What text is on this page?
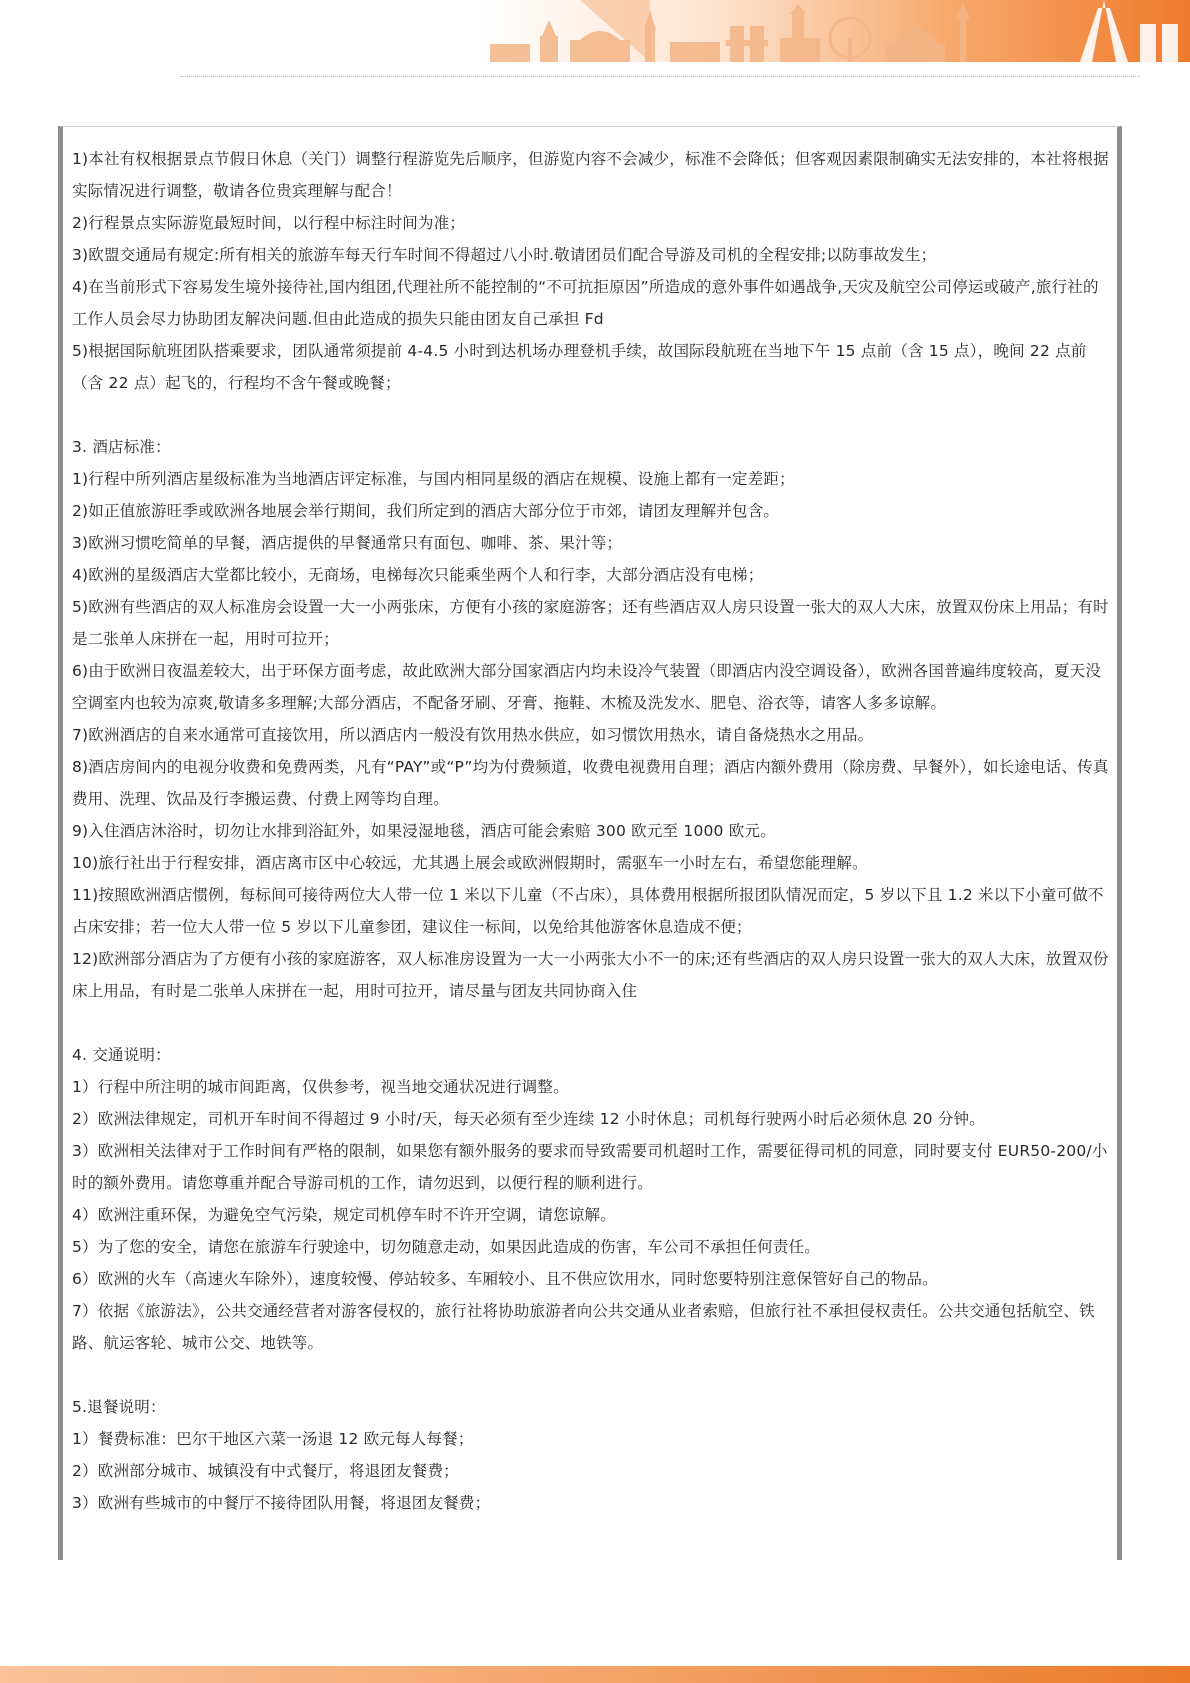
1)本社有权根据景点节假日休息（关门）调整行程游览先后顺序，但游览内容不会减少，标准不会降低；但客观因素限制确实无法安排的，本社将根据实际情况进行调整，敬请各位贵宾理解与配合！

2)行程景点实际游览最短时间，以行程中标注时间为准；

3)欧盟交通局有规定:所有相关的旅游车每天行车时间不得超过八小时.敬请团员们配合导游及司机的全程安排;以防事故发生；

4)在当前形式下容易发生境外接待社,国内组团,代理社所不能控制的“不可抗拒原因”所造成的意外事件如遇战争,天灾及航空公司停运或破产,旅行社的工作人员会尽力协助团友解决问题.但由此造成的损失只能由团友自己承担 Fd

5)根据国际航班团队搭乘要求，团队通常须提前 4-4.5 小时到达机场办理登机手续，故国际段航班在当地下午 15 点前（含 15 点），晚间 22 点前（含 22 点）起飞的，行程均不含午餐或晚餐；

3. 酒店标准：

1)行程中所列酒店星级标准为当地酒店评定标准，与国内相同星级的酒店在规模、设施上都有一定差距；

2)如正值旅游旺季或欧洲各地展会举行期间，我们所定到的酒店大部分位于市郊，请团友理解并包含。

3)欧洲习惯吃简单的早餐，酒店提供的早餐通常只有面包、咖啡、茶、果汁等；

4)欧洲的星级酒店大堂都比较小，无商场，电梯每次只能乘坐两个人和行李，大部分酒店没有电梯；

5)欧洲有些酒店的双人标准房会设置一大一小两张床，方便有小孩的家庭游客；还有些酒店双人房只设置一张大的双人大床，放置双份床上用品；有时是二张单人床拼在一起，用时可拉开；

6)由于欧洲日夜温差较大，出于环保方面考虑，故此欧洲大部分国家酒店内均未设冷气装置（即酒店内没空调设备），欧洲各国普遍纬度较高，夏天没空调室内也较为凉爽,敬请多多理解;大部分酒店，不配备牙刷、牙膏、拖鞋、木梳及洗发水、肥皂、浴衣等，请客人多多谅解。

7)欧洲酒店的自来水通常可直接饮用，所以酒店内一般没有饮用热水供应，如习惯饮用热水，请自备烧热水之用品。

8)酒店房间内的电视分收费和免费两类，凡有“PAY”或“P”均为付费频道，收费电视费用自理；酒店内额外费用（除房费、早餐外），如长途电话、传真费用、洗理、饮品及行李搬运费、付费上网等均自理。

9)入住酒店沐浴时，切勿让水排到浴缸外，如果浸湿地毯，酒店可能会索赔 300 欧元至 1000 欧元。

10)旅行社出于行程安排，酒店离市区中心较远，尤其遇上展会或欧洲假期时，需驱车一小时左右，希望您能理解。

11)按照欧洲酒店惯例，每标间可接待两位大人带一位 1 米以下儿童（不占床），具体费用根据所报团队情况而定，5 岁以下且 1.2 米以下小童可做不占床安排；若一位大人带一位 5 岁以下儿童参团，建议住一标间，以免给其他游客休息造成不便；

12)欧洲部分酒店为了方便有小孩的家庭游客，双人标准房设置为一大一小两张大小不一的床;还有些酒店的双人房只设置一张大的双人大床，放置双份床上用品，有时是二张单人床拼在一起，用时可拉开，请尽量与团友共同协商入住

4. 交通说明：

1）行程中所注明的城市间距离，仅供参考，视当地交通状况进行调整。

2）欧洲法律规定，司机开车时间不得超过 9 小时/天，每天必须有至少连续 12 小时休息；司机每行驶两小时后必须休息 20 分钟。

3）欧洲相关法律对于工作时间有严格的限制，如果您有额外服务的要求而导致需要司机超时工作，需要征得司机的同意，同时要支付 EUR50-200/小时的额外费用。请您尊重并配合导游司机的工作，请勿迟到，以便行程的顺利进行。

4）欧洲注重环保，为避免空气污染，规定司机停车时不许开空调，请您谅解。

5）为了您的安全，请您在旅游车行驶途中，切勿随意走动，如果因此造成的伤害，车公司不承担任何责任。

6）欧洲的火车（高速火车除外），速度较慢、停站较多、车厢较小、且不供应饮用水，同时您要特别注意保管好自己的物品。

7）依据《旅游法》，公共交通经营者对游客侵权的，旅行社将协助旅游者向公共交通从业者索赔，但旅行社不承担侵权责任。公共交通包括航空、铁路、航运客轮、城市公交、地铁等。

5.退餐说明：

1）餐费标准：巴尔干地区六菜一汤退 12 欧元每人每餐；

2）欧洲部分城市、城镇没有中式餐厅，将退团友餐费；

3）欧洲有些城市的中餐厅不接待团队用餐，将退团友餐费；
